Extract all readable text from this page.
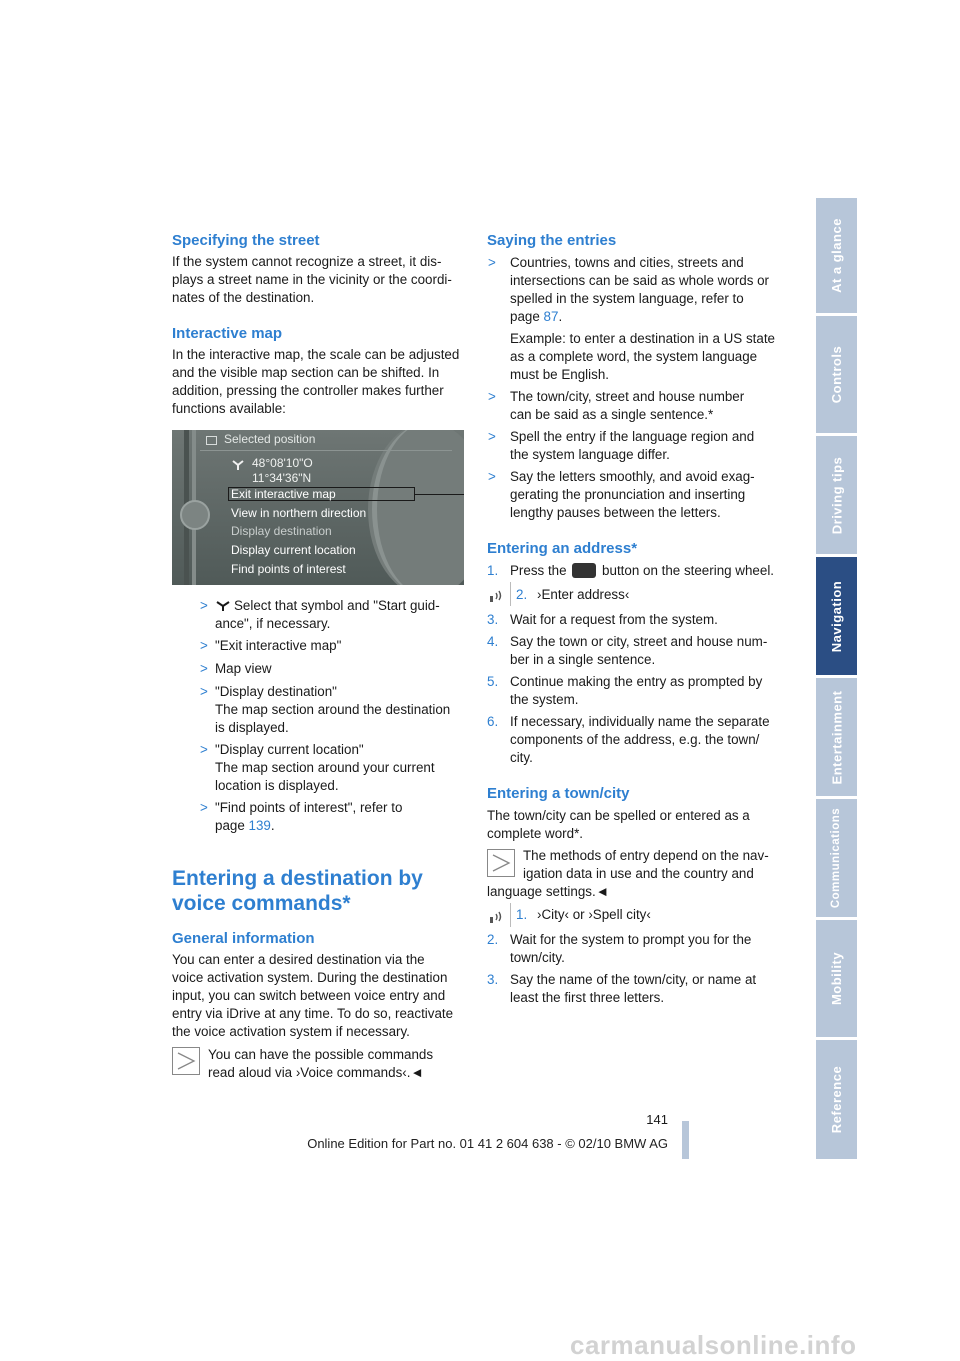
At a glance
Controls
Driving tips
Navigation
Entertainment
Communications
Mobility
Reference
Specifying the street
If the system cannot recognize a street, it dis-
plays a street name in the vicinity or the coordi-
nates of the destination.
Interactive map
In the interactive map, the scale can be adjusted
and the visible map section can be shifted. In
addition, pressing the controller makes further
functions available:
Selected position
48°08'10"O
11°34'36"N
Exit interactive map
View in northern direction
Display destination
Display current location
Find points of interest
> Select that symbol and "Start guid-
ance", if necessary.
> "Exit interactive map"
> Map view
> "Display destination"
The map section around the destination
is displayed.
> "Display current location"
The map section around your current
location is displayed.
> "Find points of interest", refer to
page 139.
Entering a destination by
voice commands*
General information
You can enter a desired destination via the
voice activation system. During the destination
input, you can switch between voice entry and
entry via iDrive at any time. To do so, reactivate
the voice activation system if necessary.
You can have the possible commands
read aloud via ›Voice commands‹.◄
Saying the entries
> Countries, towns and cities, streets and
intersections can be said as whole words or
spelled in the system language, refer to
page 87.
Example: to enter a destination in a US state
as a complete word, the system language
must be English.
> The town/city, street and house number
can be said as a single sentence.*
> Spell the entry if the language region and
the system language differ.
> Say the letters smoothly, and avoid exag-
gerating the pronunciation and inserting
lengthy pauses between the letters.
Entering an address*
1. Press the	button on the steering wheel.
2. ›Enter address‹
3. Wait for a request from the system.
4. Say the town or city, street and house num-
ber in a single sentence.
5. Continue making the entry as prompted by
the system.
6. If necessary, individually name the separate
components of the address, e.g. the town/
city.
Entering a town/city
The town/city can be spelled or entered as a
complete word*.
The methods of entry depend on the nav-
igation data in use and the country and
language settings.◄
1. ›City‹ or ›Spell city‹
2. Wait for the system to prompt you for the
town/city.
3. Say the name of the town/city, or name at
least the first three letters.
141
Online Edition for Part no. 01 41 2 604 638 - © 02/10 BMW AG
carmanualsonline.info
